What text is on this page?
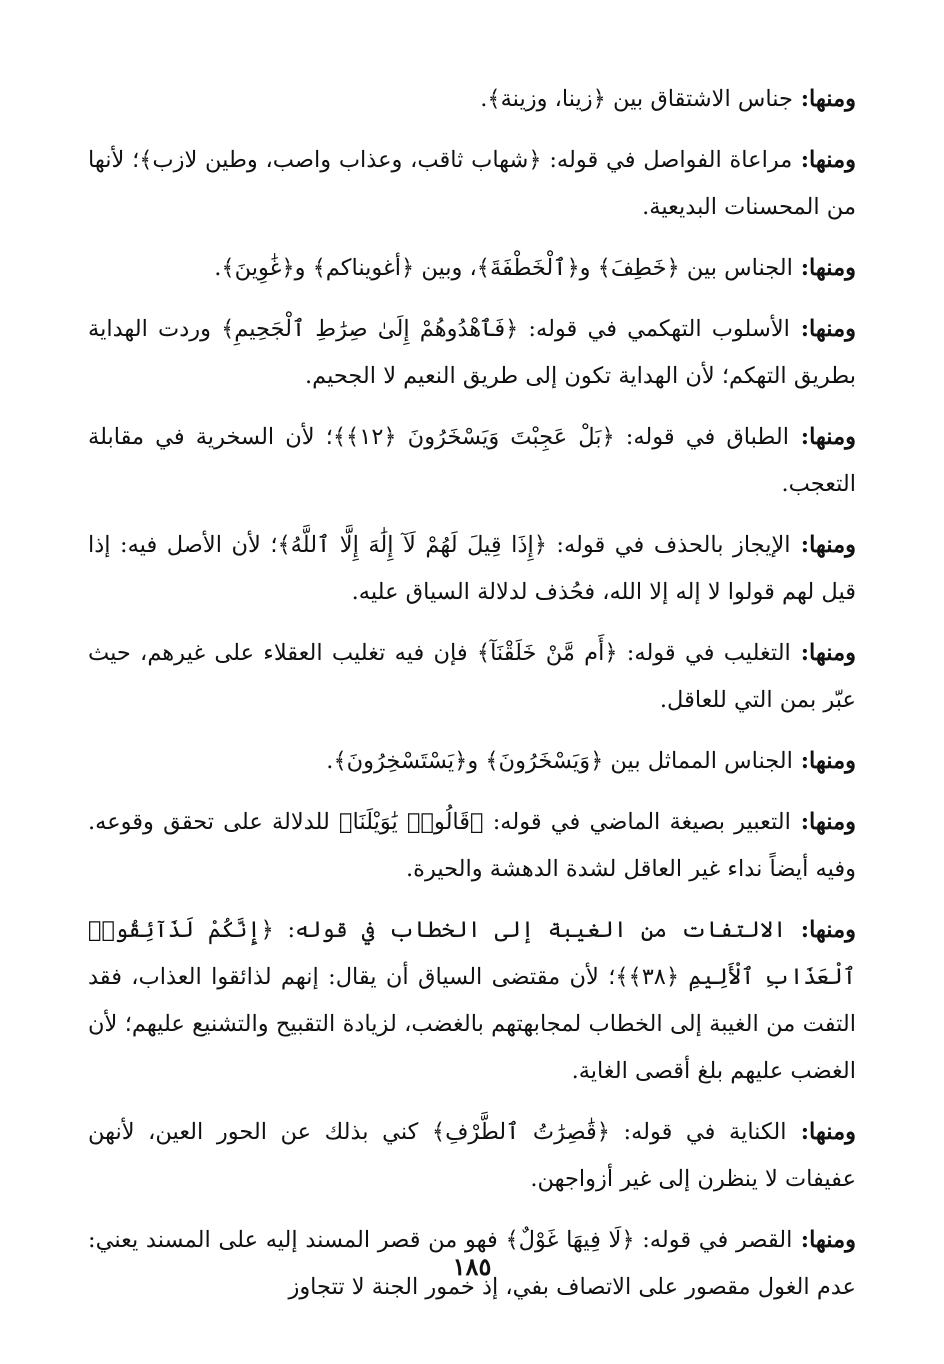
ومنها: جناس الاشتقاق بين ﴿زينا، وزينة﴾.
ومنها: مراعاة الفواصل في قوله: ﴿شهاب ثاقب، وعذاب واصب، وطين لازب﴾؛ لأنها من المحسنات البديعية.
ومنها: الجناس بين ﴿خَطِفَ﴾ و﴿ٱلْخَطْفَةَ﴾، وبين ﴿أغويناكم﴾ و﴿غَٰوِينَ﴾.
ومنها: الأسلوب التهكمي في قوله: ﴿فَٱهْدُوهُمْ إِلَىٰ صِرَٰطِ ٱلْجَحِيمِ﴾ وردت الهداية بطريق التهكم؛ لأن الهداية تكون إلى طريق النعيم لا الجحيم.
ومنها: الطباق في قوله: ﴿بَلْ عَجِبْتَ وَيَسْخَرُونَ ﴿١٢﴾﴾؛ لأن السخرية في مقابلة التعجب.
ومنها: الإيجاز بالحذف في قوله: ﴿إِذَا قِيلَ لَهُمْ لَآ إِلَٰهَ إِلَّا ٱللَّهُ﴾؛ لأن الأصل فيه: إذا قيل لهم قولوا لا إله إلا الله، فحُذف لدلالة السياق عليه.
ومنها: التغليب في قوله: ﴿أَم مَّنْ خَلَقْنَآ﴾ فإن فيه تغليب العقلاء على غيرهم، حيث عبّر بمن التي للعاقل.
ومنها: الجناس المماثل بين ﴿وَيَسْخَرُونَ﴾ و﴿يَسْتَسْخِرُونَ﴾.
ومنها: التعبير بصيغة الماضي في قوله: ﴿قَالُوا۟ يَٰوَيْلَنَا﴾ للدلالة على تحقق وقوعه. وفيه أيضاً نداء غير العاقل لشدة الدهشة والحيرة.
ومنها: الالتفات من الغيبة إلى الخطاب في قوله: ﴿إِنَّكُمْ لَذَآئِقُوا۟ ٱلْعَذَابِ ٱلْأَلِيمِ ﴿٣٨﴾﴾؛ لأن مقتضى السياق أن يقال: إنهم لذائقوا العذاب، فقد التفت من الغيبة إلى الخطاب لمجابهتهم بالغضب، لزيادة التقبيح والتشنيع عليهم؛ لأن الغضب عليهم بلغ أقصى الغاية.
ومنها: الكناية في قوله: ﴿قَٰصِرَٰتُ ٱلطَّرْفِ﴾ كني بذلك عن الحور العين، لأنهن عفيفات لا ينظرن إلى غير أزواجهن.
ومنها: القصر في قوله: ﴿لَا فِيهَا غَوْلٌ﴾ فهو من قصر المسند إليه على المسند يعني: عدم الغول مقصور على الاتصاف بفي، إذ خمور الجنة لا تتجاوز
١٨٥
